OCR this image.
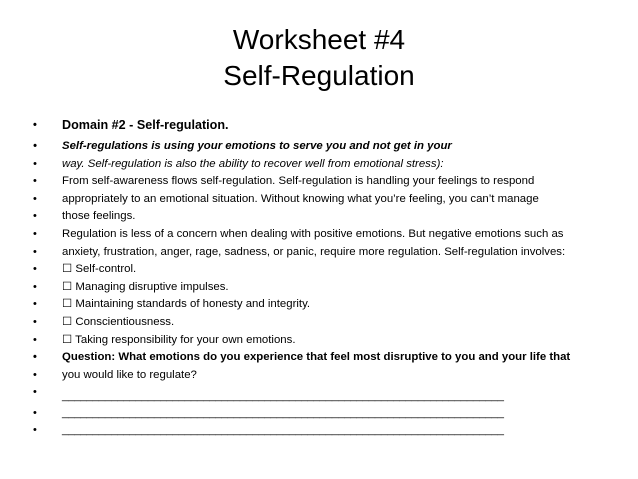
Worksheet #4
Self-Regulation
•	Domain #2 - Self-regulation.
•	Self-regulations is using your emotions to serve you and not get in your
•	way. Self-regulation is also the ability to recover well from emotional stress):
•	From self-awareness flows self-regulation. Self-regulation is handling your feelings to respond
•	appropriately to an emotional situation. Without knowing what you’re feeling, you can’t manage
•	those feelings.
•	Regulation is less of a concern when dealing with positive emotions. But negative emotions such as
•	anxiety, frustration, anger, rage, sadness, or panic, require more regulation. Self-regulation involves:
•	☐ Self-control.
•	☐ Managing disruptive impulses.
•	☐ Maintaining standards of honesty and integrity.
•	☐ Conscientiousness.
•	☐ Taking responsibility for your own emotions.
•	Question: What emotions do you experience that feel most disruptive to you and your life that
•	you would like to regulate?
•	________________________________________________________________________
•	________________________________________________________________________
•	________________________________________________________________________
